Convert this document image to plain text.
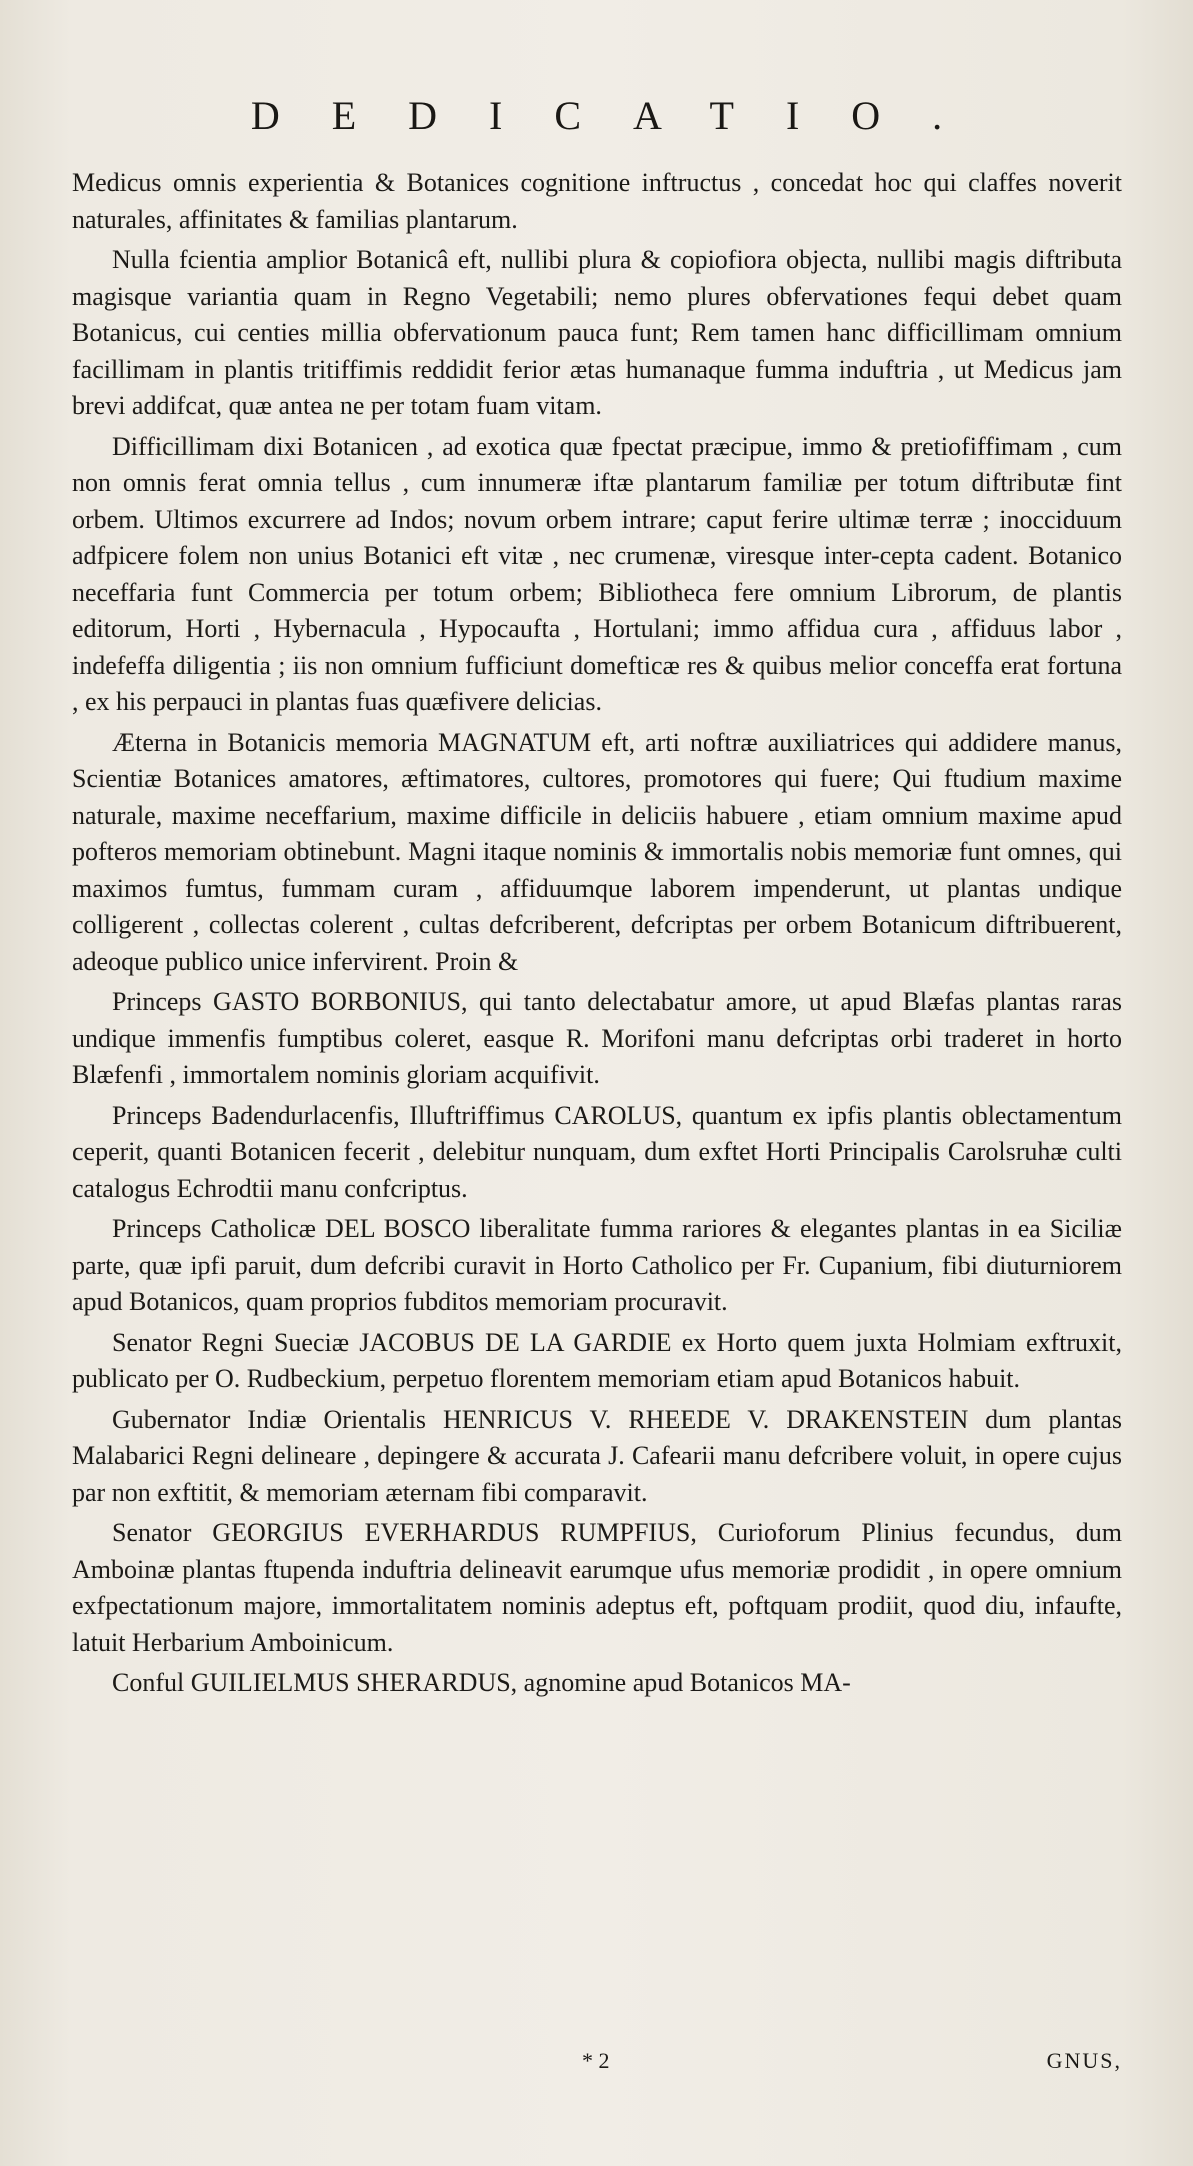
DEDICATIO.

Medicus omnis experientia & Botanices cognitione inftructus , concedat hoc qui claffes noverit naturales, affinitates & familias plantarum.

Nulla fcientia amplior Botanicâ eft, nullibi plura & copiofiora objecta, nullibi magis diftributa magisque variantia quam in Regno Vegetabili; nemo plures obfervationes fequi debet quam Botanicus, cui centies millia obfervationum pauca funt; Rem tamen hanc difficillimam omnium facillimam in plantis tritiffimis reddidit ferior ætas humanaque fumma induftria , ut Medicus jam brevi addifcat, quæ antea ne per totam fuam vitam.

Difficillimam dixi Botanicen , ad exotica quæ fpectat præcipue, immo & pretiofiffimam , cum non omnis ferat omnia tellus , cum innumeræ iftæ plantarum familiæ per totum diftributæ fint orbem. Ultimos excurrere ad Indos; novum orbem intrare; caput ferire ultimæ terræ ; inocciduum adfpicere folem non unius Botanici eft vitæ , nec crumenæ, viresque inter-cepta cadent. Botanico neceffaria funt Commercia per totum orbem; Bibliotheca fere omnium Librorum, de plantis editorum, Horti , Hybernacula , Hypocaufta , Hortulani; immo affidua cura , affiduus labor , indefeffa diligentia ; iis non omnium fufficiunt domefticæ res & quibus melior conceffa erat fortuna , ex his perpauci in plantas fuas quæfivere delicias.

Æterna in Botanicis memoria MAGNATUM eft, arti noftræ auxiliatrices qui addidere manus, Scientiæ Botanices amatores, æftimatores, cultores, promotores qui fuere; Qui ftudium maxime naturale, maxime neceffarium, maxime difficile in deliciis habuere , etiam omnium maxime apud pofteros memoriam obtinebunt. Magni itaque nominis & immortalis nobis memoriæ funt omnes, qui maximos fumtus, fummam curam , affiduumque laborem impenderunt, ut plantas undique colligerent , collectas colerent , cultas defcriberent, defcriptas per orbem Botanicum diftribuerent, adeoque publico unice infervirent. Proin &

Princeps GASTO BORBONIUS, qui tanto delectabatur amore, ut apud Blæfas plantas raras undique immenfis fumptibus coleret, easque R. Morifoni manu defcriptas orbi traderet in horto Blæfenfi , immortalem nominis gloriam acquifivit.

Princeps Badendurlacenfis, Illuftriffimus CAROLUS, quantum ex ipfis plantis oblectamentum ceperit, quanti Botanicen fecerit , delebitur nunquam, dum exftet Horti Principalis Carolsruhæ culti catalogus Echrodtii manu confcriptus.

Princeps Catholicæ DEL BOSCO liberalitate fumma rariores & elegantes plantas in ea Siciliæ parte, quæ ipfi paruit, dum defcribi curavit in Horto Catholico per Fr. Cupanium, fibi diuturniorem apud Botanicos, quam proprios fubditos memoriam procuravit.

Senator Regni Sueciæ JACOBUS DE LA GARDIE ex Horto quem juxta Holmiam exftruxit, publicato per O. Rudbeckium, perpetuo florentem memoriam etiam apud Botanicos habuit.

Gubernator Indiæ Orientalis HENRICUS V. RHEEDE V. DRAKENSTEIN dum plantas Malabarici Regni delineare , depingere & accurata J. Cafearii manu defcribere voluit, in opere cujus par non exftitit, & memoriam æternam fibi comparavit.

Senator GEORGIUS EVERHARDUS RUMPFIUS, Curioforum Plinius fecundus, dum Amboinæ plantas ftupenda induftria delineavit earumque ufus memoriæ prodidit , in opere omnium exfpectationum majore, immortalitatem nominis adeptus eft, poftquam prodiit, quod diu, infaufte, latuit Herbarium Amboinicum.

Conful GUILIELMUS SHERARDUS, agnomine apud Botanicos MA-

* 2	GNUS,
